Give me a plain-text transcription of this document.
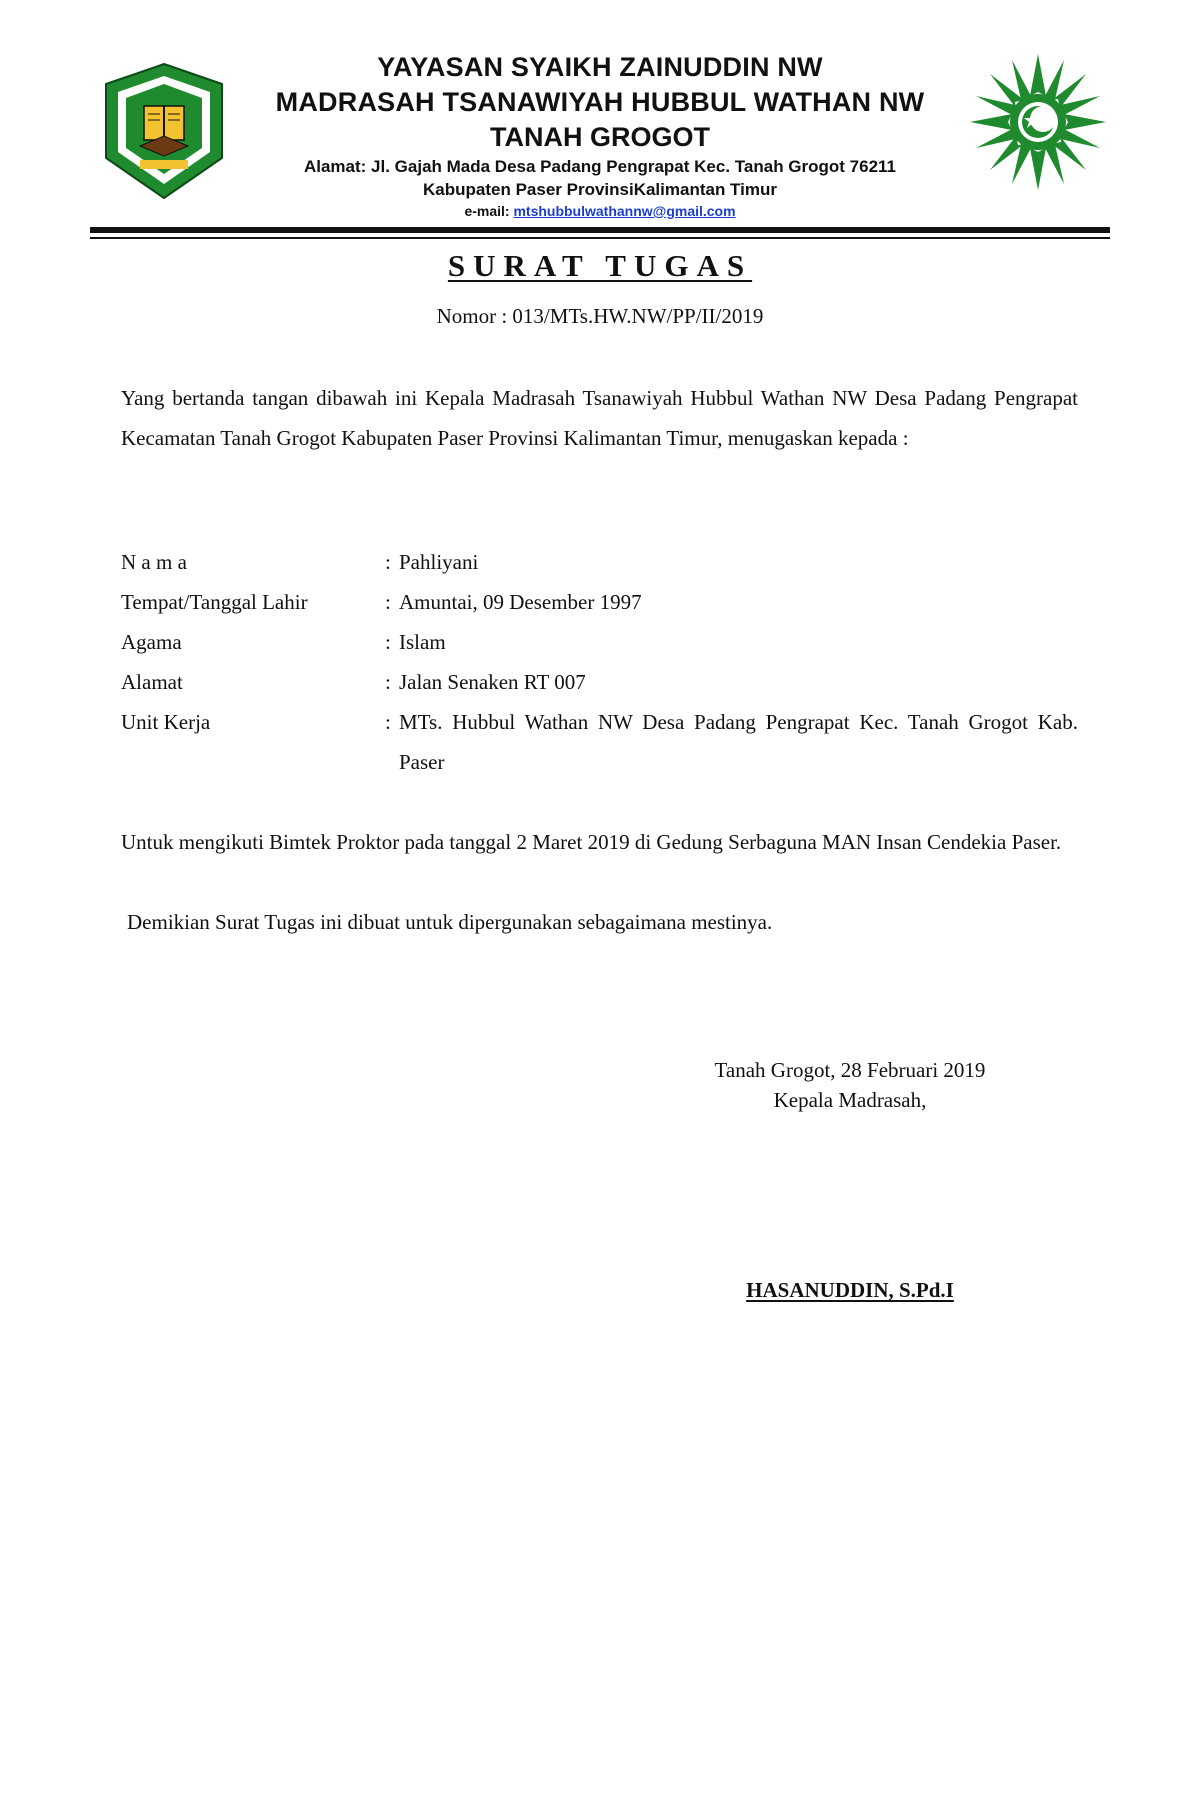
YAYASAN SYAIKH ZAINUDDIN NW
MADRASAH TSANAWIYAH HUBBUL WATHAN NW
TANAH GROGOT
Alamat: Jl. Gajah Mada Desa Padang Pengrapat Kec. Tanah Grogot 76211
Kabupaten Paser ProvinsiKalimantan Timur
e-mail: mtshubbulwathannw@gmail.com
SURAT TUGAS
Nomor : 013/MTs.HW.NW/PP/II/2019
Yang bertanda tangan dibawah ini Kepala Madrasah Tsanawiyah Hubbul Wathan NW Desa Padang Pengrapat Kecamatan Tanah Grogot Kabupaten Paser Provinsi Kalimantan Timur, menugaskan kepada :
N a m a	: Pahliyani
Tempat/Tanggal Lahir	: Amuntai, 09 Desember 1997
Agama	: Islam
Alamat	: Jalan Senaken RT 007
Unit Kerja	: MTs. Hubbul Wathan NW Desa Padang Pengrapat Kec. Tanah Grogot Kab. Paser
Untuk mengikuti Bimtek Proktor pada tanggal 2 Maret 2019 di Gedung Serbaguna MAN Insan Cendekia Paser.
Demikian Surat Tugas ini dibuat untuk dipergunakan sebagaimana mestinya.
Tanah Grogot, 28 Februari 2019
Kepala Madrasah,
HASANUDDIN, S.Pd.I
